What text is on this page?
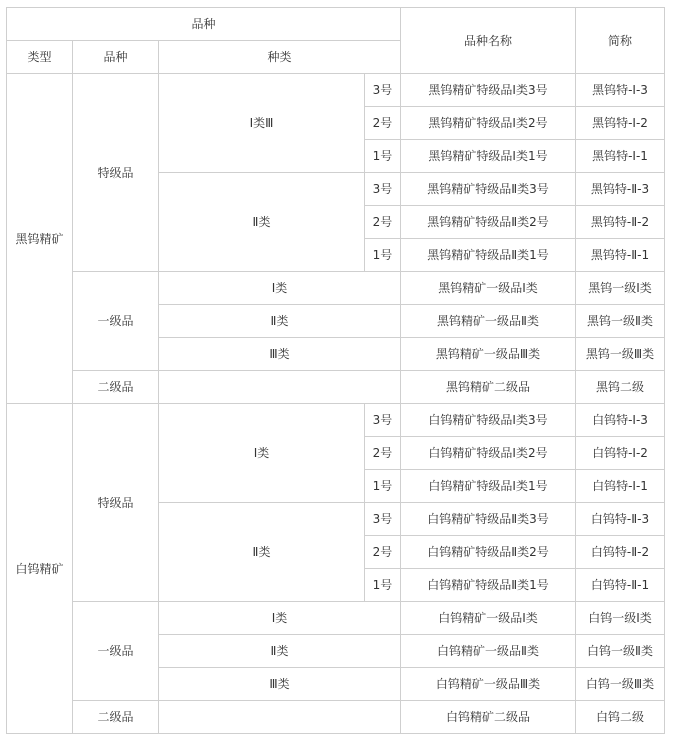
品种				品种名称	简称
类型	品种	种类			
黑钨精矿	特级品	Ⅰ类Ⅲ	3号	黑钨精矿特级品Ⅰ类3号	黑钨特-Ⅰ-3
			2号	黑钨精矿特级品Ⅰ类2号	黑钨特-Ⅰ-2
			1号	黑钨精矿特级品Ⅰ类1号	黑钨特-Ⅰ-1
		Ⅱ类	3号	黑钨精矿特级品Ⅱ类3号	黑钨特-Ⅱ-3
			2号	黑钨精矿特级品Ⅱ类2号	黑钨特-Ⅱ-2
			1号	黑钨精矿特级品Ⅱ类1号	黑钨特-Ⅱ-1
	一级品	Ⅰ类		黑钨精矿一级品Ⅰ类	黑钨一级Ⅰ类
		Ⅱ类		黑钨精矿一级品Ⅱ类	黑钨一级Ⅱ类
		Ⅲ类		黑钨精矿一级品Ⅲ类	黑钨一级Ⅲ类
	二级品			黑钨精矿二级品	黑钨二级
白钨精矿	特级品	Ⅰ类	3号	白钨精矿特级品Ⅰ类3号	白钨特-Ⅰ-3
			2号	白钨精矿特级品Ⅰ类2号	白钨特-Ⅰ-2
			1号	白钨精矿特级品Ⅰ类1号	白钨特-Ⅰ-1
		Ⅱ类	3号	白钨精矿特级品Ⅱ类3号	白钨特-Ⅱ-3
			2号	白钨精矿特级品Ⅱ类2号	白钨特-Ⅱ-2
			1号	白钨精矿特级品Ⅱ类1号	白钨特-Ⅱ-1
	一级品	Ⅰ类		白钨精矿一级品Ⅰ类	白钨一级Ⅰ类
		Ⅱ类		白钨精矿一级品Ⅱ类	白钨一级Ⅱ类
		Ⅲ类		白钨精矿一级品Ⅲ类	白钨一级Ⅲ类
	二级品			白钨精矿二级品	白钨二级
